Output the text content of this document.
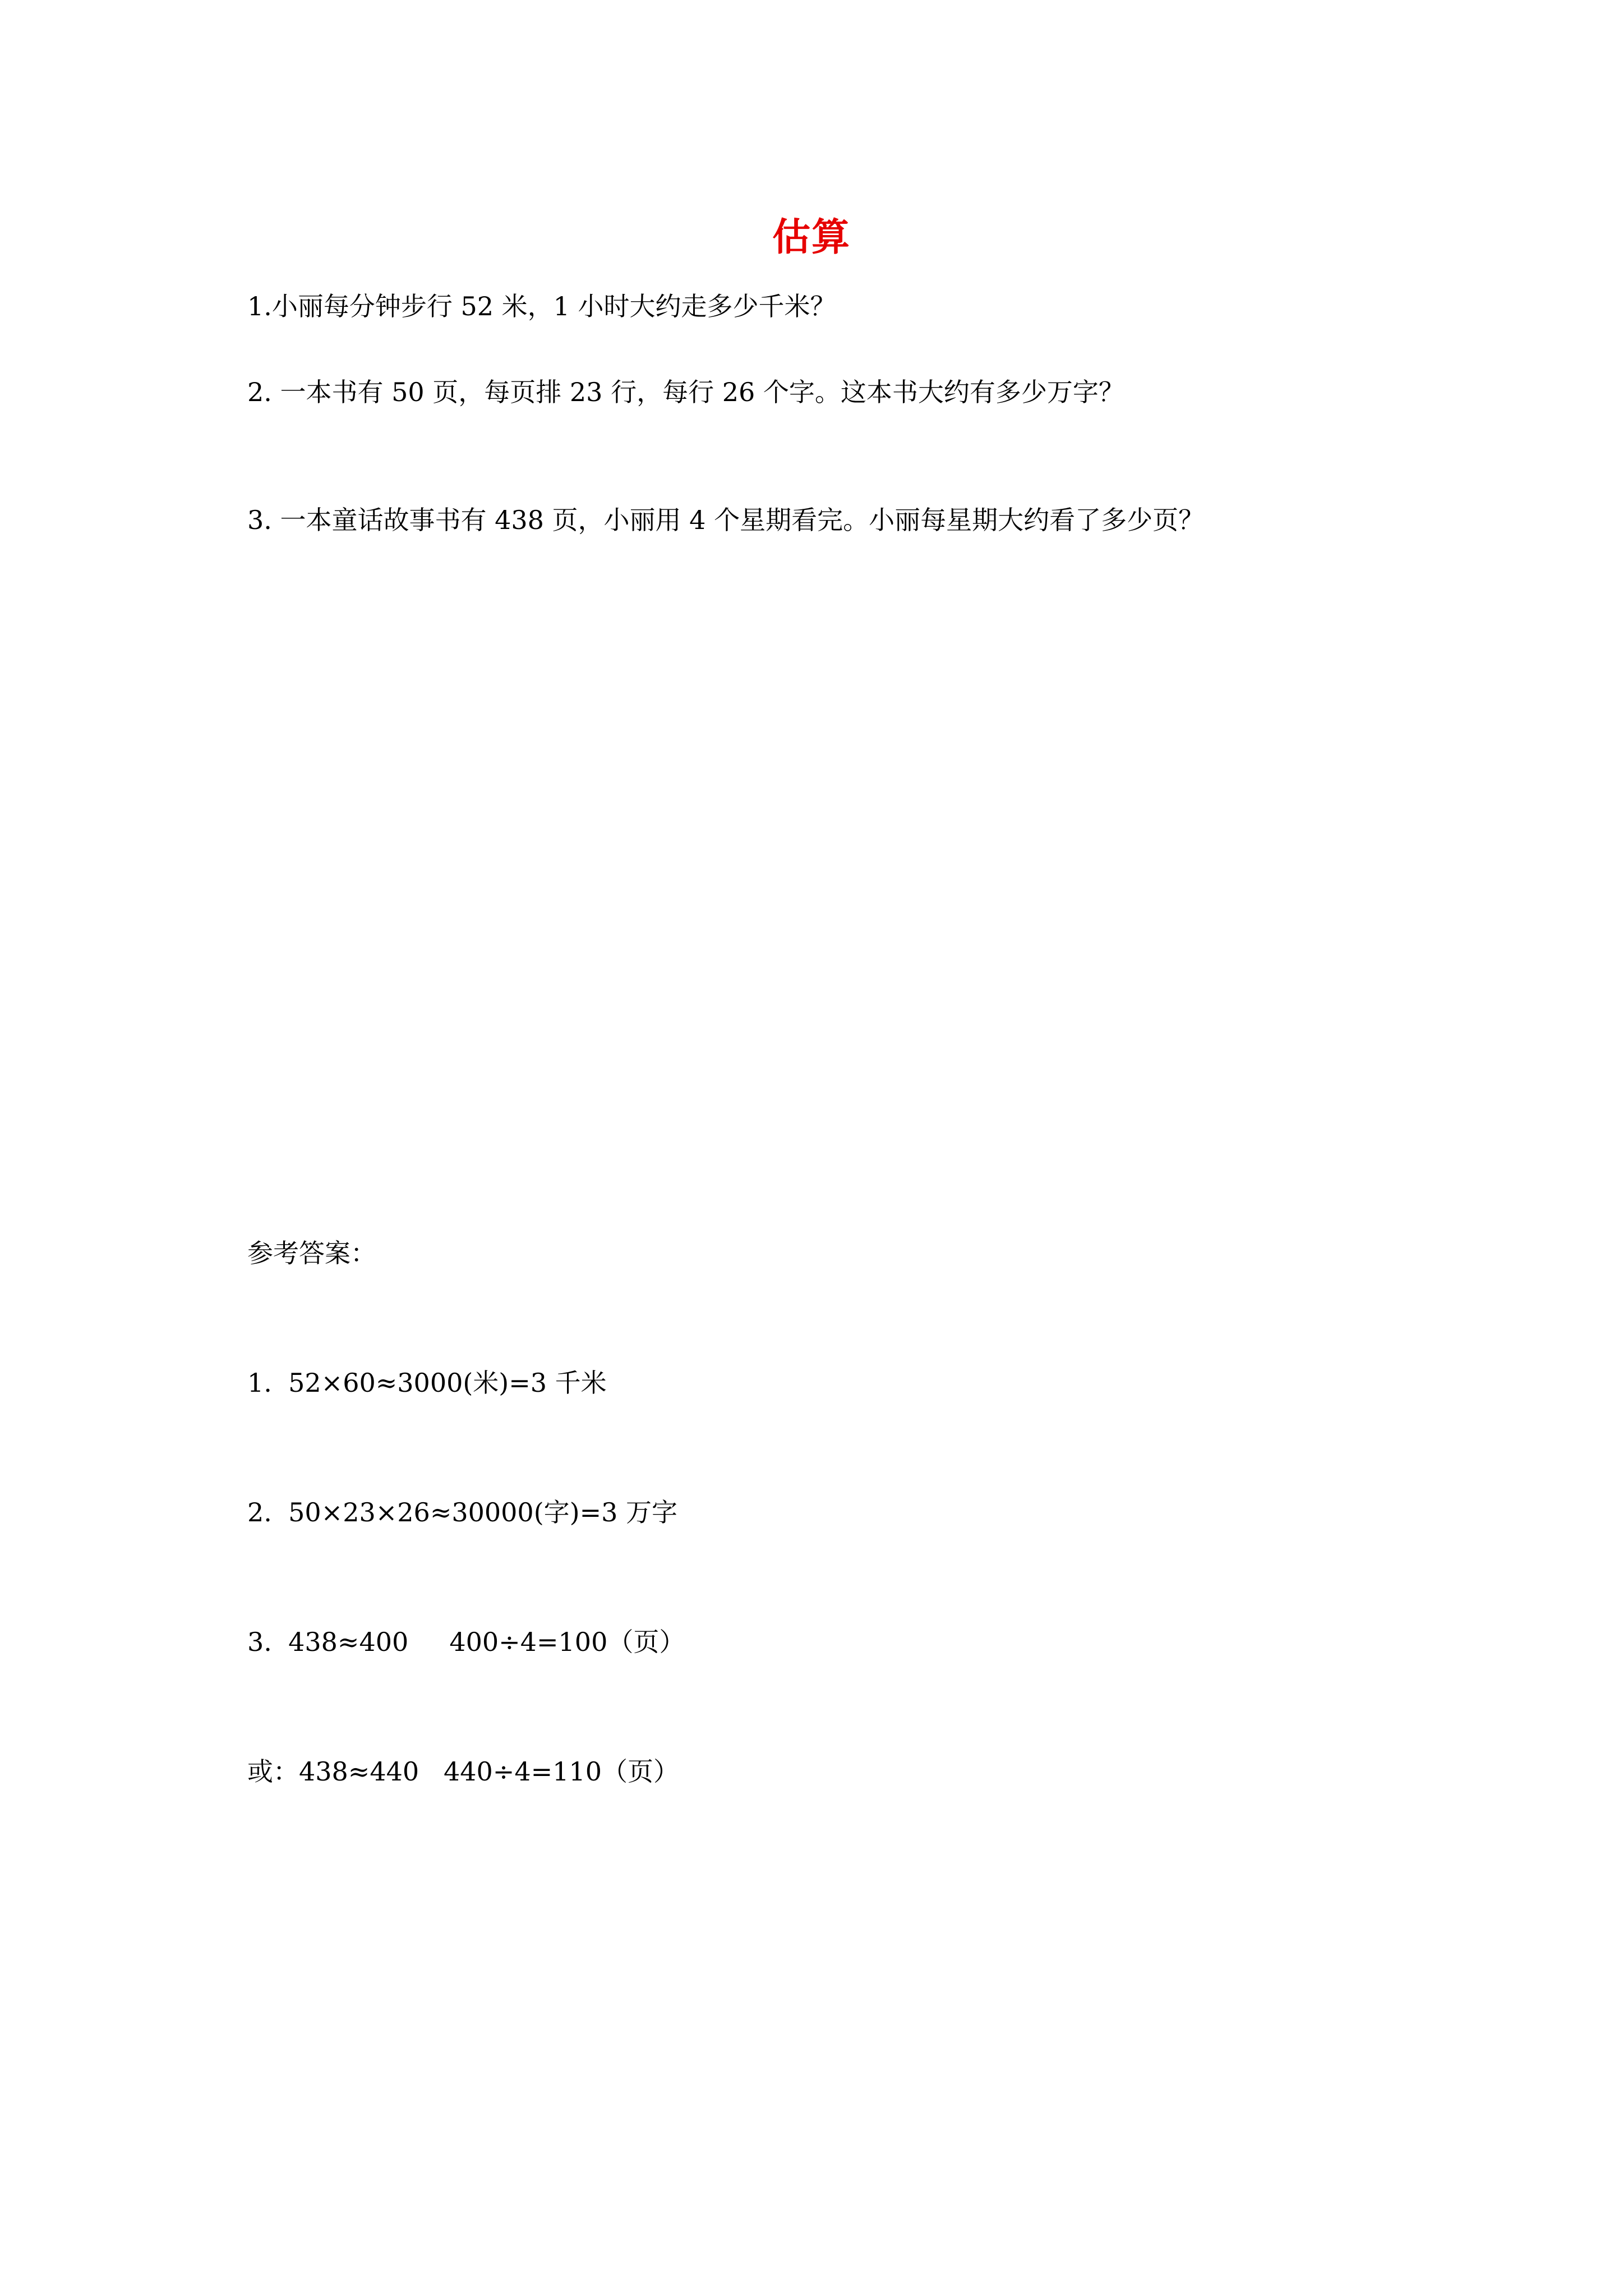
估算
1.小丽每分钟步行 52 米，1 小时大约走多少千米？
2. 一本书有 50 页，每页排 23 行，每行 26 个字。这本书大约有多少万字？
3. 一本童话故事书有 438 页，小丽用 4 个星期看完。小丽每星期大约看了多少页？

参考答案：

1.  52×60≈3000(米)=3 千米

2.  50×23×26≈30000(字)=3 万字

3.  438≈400     400÷4=100（页）

或：438≈440   440÷4=110（页）
